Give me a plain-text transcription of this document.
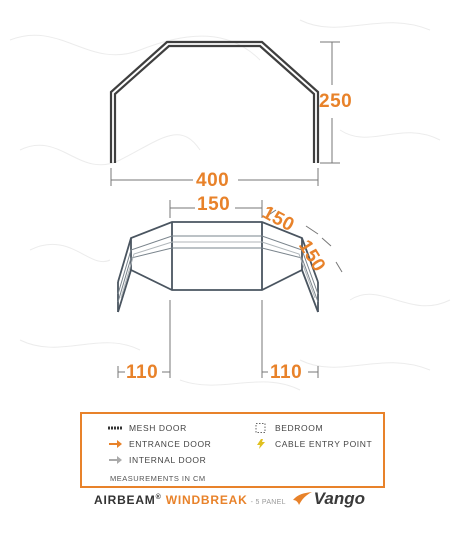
250
400
150 150
150
110	110
MESH DOOR
ENTRANCE DOOR
INTERNAL DOOR
MEASUREMENTS IN CM
BEDROOM
CABLE ENTRY POINT
AIRBEAM® WINDBREAK - 5 PANEL Vango
